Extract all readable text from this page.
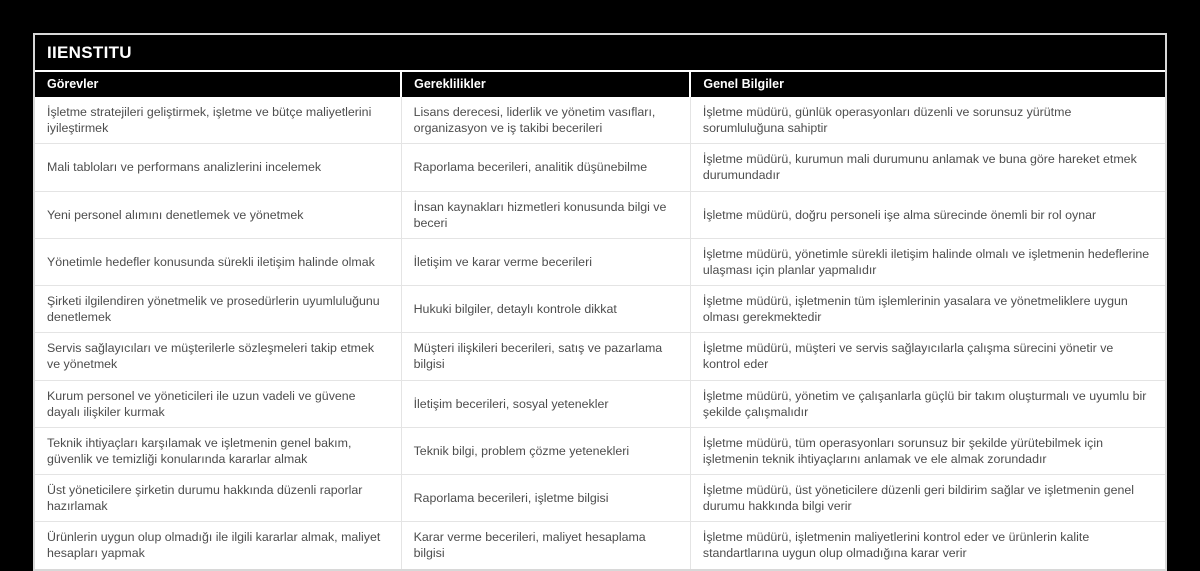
IIENSTITU
Görevler	Gereklilikler	Genel Bilgiler
İşletme stratejileri geliştirmek, işletme ve bütçe maliyetlerini iyileştirmek	Lisans derecesi, liderlik ve yönetim vasıfları, organizasyon ve iş takibi becerileri	İşletme müdürü, günlük operasyonları düzenli ve sorunsuz yürütme sorumluluğuna sahiptir
Mali tabloları ve performans analizlerini incelemek	Raporlama becerileri, analitik düşünebilme	İşletme müdürü, kurumun mali durumunu anlamak ve buna göre hareket etmek durumundadır
Yeni personel alımını denetlemek ve yönetmek	İnsan kaynakları hizmetleri konusunda bilgi ve beceri	İşletme müdürü, doğru personeli işe alma sürecinde önemli bir rol oynar
Yönetimle hedefler konusunda sürekli iletişim halinde olmak	İletişim ve karar verme becerileri	İşletme müdürü, yönetimle sürekli iletişim halinde olmalı ve işletmenin hedeflerine ulaşması için planlar yapmalıdır
Şirketi ilgilendiren yönetmelik ve prosedürlerin uyumluluğunu denetlemek	Hukuki bilgiler, detaylı kontrole dikkat	İşletme müdürü, işletmenin tüm işlemlerinin yasalara ve yönetmeliklere uygun olması gerekmektedir
Servis sağlayıcıları ve müşterilerle sözleşmeleri takip etmek ve yönetmek	Müşteri ilişkileri becerileri, satış ve pazarlama bilgisi	İşletme müdürü, müşteri ve servis sağlayıcılarla çalışma sürecini yönetir ve kontrol eder
Kurum personel ve yöneticileri ile uzun vadeli ve güvene dayalı ilişkiler kurmak	İletişim becerileri, sosyal yetenekler	İşletme müdürü, yönetim ve çalışanlarla güçlü bir takım oluşturmalı ve uyumlu bir şekilde çalışmalıdır
Teknik ihtiyaçları karşılamak ve işletmenin genel bakım, güvenlik ve temizliği konularında kararlar almak	Teknik bilgi, problem çözme yetenekleri	İşletme müdürü, tüm operasyonları sorunsuz bir şekilde yürütebilmek için işletmenin teknik ihtiyaçlarını anlamak ve ele almak zorundadır
Üst yöneticilere şirketin durumu hakkında düzenli raporlar hazırlamak	Raporlama becerileri, işletme bilgisi	İşletme müdürü, üst yöneticilere düzenli geri bildirim sağlar ve işletmenin genel durumu hakkında bilgi verir
Ürünlerin uygun olup olmadığı ile ilgili kararlar almak, maliyet hesapları yapmak	Karar verme becerileri, maliyet hesaplama bilgisi	İşletme müdürü, işletmenin maliyetlerini kontrol eder ve ürünlerin kalite standartlarına uygun olup olmadığına karar verir
